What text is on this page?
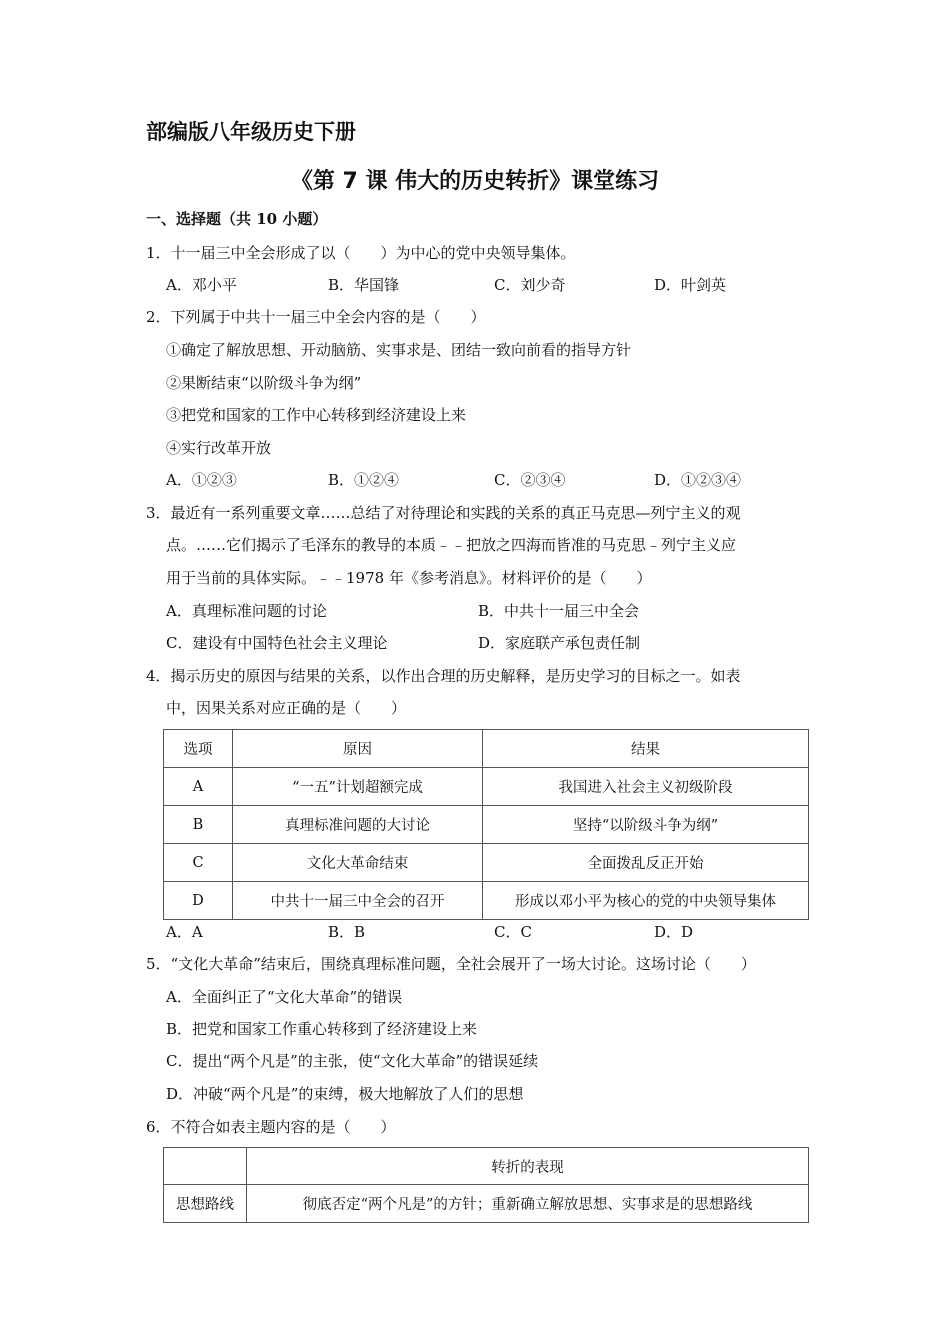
部编版八年级历史下册
《第 7 课 伟大的历史转折》课堂练习
一、选择题（共 10 小题）
1．十一届三中全会形成了以（　　）为中心的党中央领导集体。
A．邓小平	B．华国锋	C．刘少奇	D．叶剑英
2．下列属于中共十一届三中全会内容的是（　　）
①确定了解放思想、开动脑筋、实事求是、团结一致向前看的指导方针
②果断结束“以阶级斗争为纲”
③把党和国家的工作中心转移到经济建设上来
④实行改革开放
A．①②③	B．①②④	C．②③④	D．①②③④
3．最近有一系列重要文章……总结了对待理论和实践的关系的真正马克思—列宁主义的观
点。……它们揭示了毛泽东的教导的本质﹣﹣把放之四海而皆准的马克思﹣列宁主义应
用于当前的具体实际。﹣﹣1978 年《参考消息》。材料评价的是（　　）
A．真理标准问题的讨论	B．中共十一届三中全会
C．建设有中国特色社会主义理论	D．家庭联产承包责任制
4．揭示历史的原因与结果的关系，以作出合理的历史解释，是历史学习的目标之一。如表
中，因果关系对应正确的是（　　）
选项	原因	结果
A	“一五”计划超额完成	我国进入社会主义初级阶段
B	真理标准问题的大讨论	坚持“以阶级斗争为纲”
C	文化大革命结束	全面拨乱反正开始
D	中共十一届三中全会的召开	形成以邓小平为核心的党的中央领导集体
A．A	B．B	C．C	D．D
5．“文化大革命”结束后，围绕真理标准问题，全社会展开了一场大讨论。这场讨论（　　）
A．全面纠正了“文化大革命”的错误
B．把党和国家工作重心转移到了经济建设上来
C．提出“两个凡是”的主张，使“文化大革命”的错误延续
D．冲破“两个凡是”的束缚，极大地解放了人们的思想
6．不符合如表主题内容的是（　　）
	转折的表现
思想路线	彻底否定“两个凡是”的方针；重新确立解放思想、实事求是的思想路线
